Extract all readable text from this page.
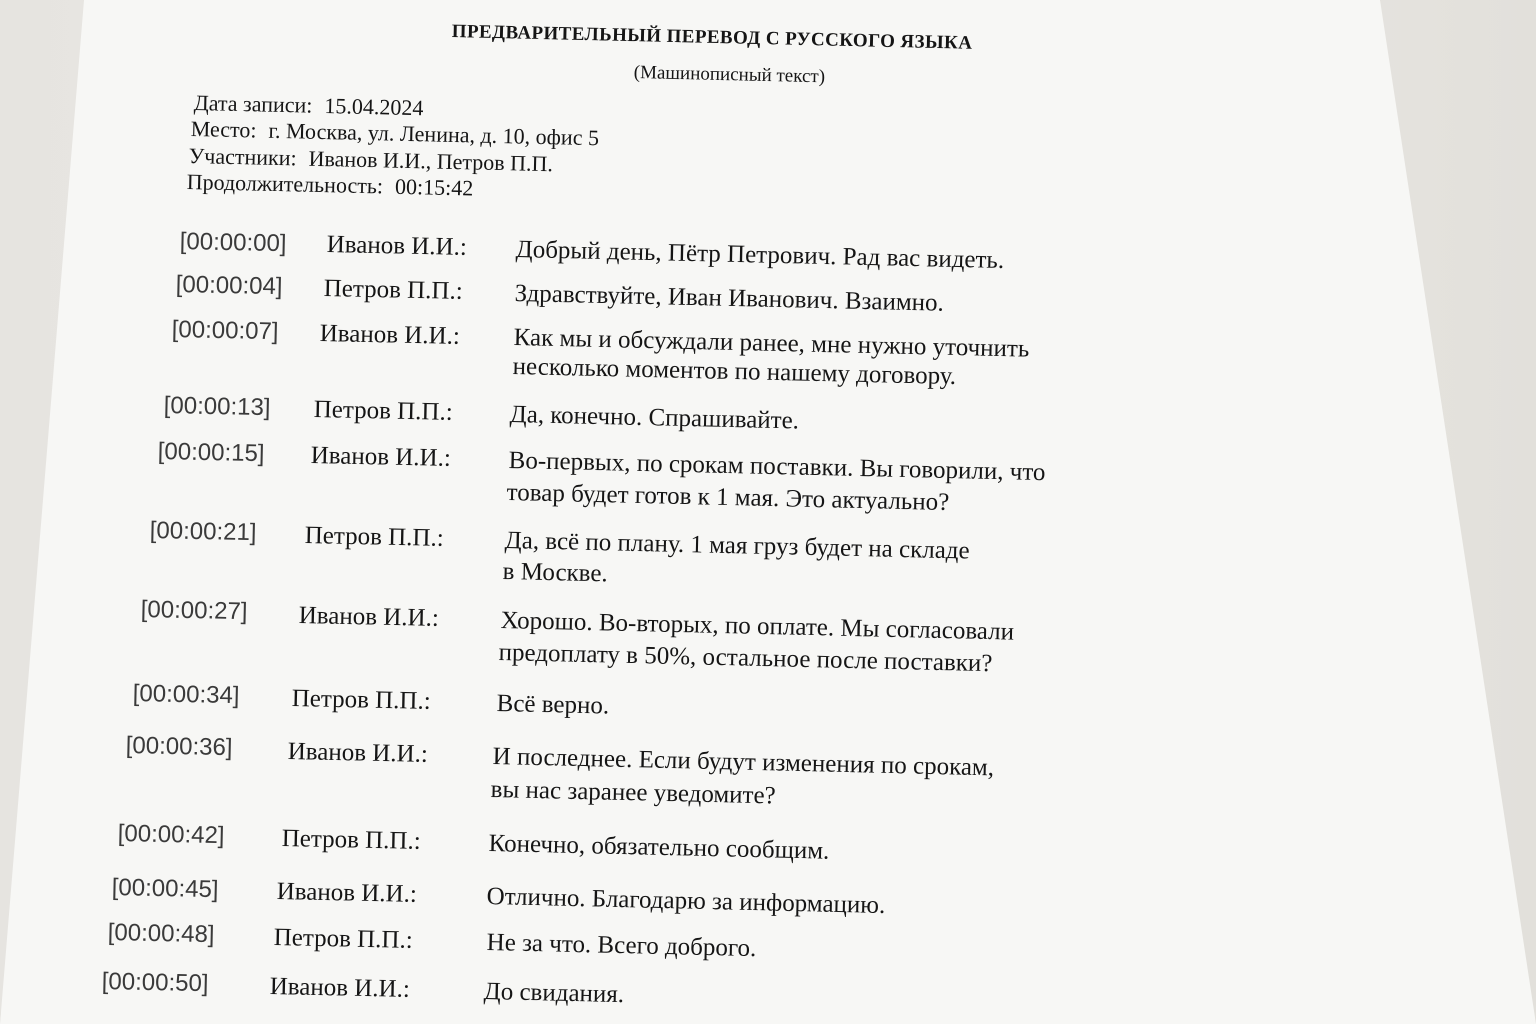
ПРЕДВАРИТЕЛЬНЫЙ ПЕРЕВОД С РУССКОГО ЯЗЫКА
(Машинописный текст)
Дата записи: 15.04.2024
Место: г. Москва, ул. Ленина, д. 10, офис 5
Участники: Иванов И.И., Петров П.П.
Продолжительность: 00:15:42
[00:00:00] Иванов И.И.: Добрый день, Пётр Петрович. Рад вас видеть.
[00:00:04] Петров П.П.: Здравствуйте, Иван Иванович. Взаимно.
[00:00:07] Иванов И.И.: Как мы и обсуждали ранее, мне нужно уточнить
несколько моментов по нашему договору.
[00:00:13] Петров П.П.: Да, конечно. Спрашивайте.
[00:00:15] Иванов И.И.: Во-первых, по срокам поставки. Вы говорили, что
товар будет готов к 1 мая. Это актуально?
[00:00:21] Петров П.П.: Да, всё по плану. 1 мая груз будет на складе
в Москве.
[00:00:27] Иванов И.И.: Хорошо. Во-вторых, по оплате. Мы согласовали
предоплату в 50%, остальное после поставки?
[00:00:34] Петров П.П.:	Всё верно.
[00:00:36] Иванов И.И.:	И последнее. Если будут изменения по срокам,
вы нас заранее уведомите?
[00:00:42] Петров П.П.:	Конечно, обязательно сообщим.
[00:00:45] Иванов И.И.:	Отлично. Благодарю за информацию.
[00:00:48] Петров П.П.:	Не за что. Всего доброго.
[00:00:50] Иванов И.И.:	До свидания.
